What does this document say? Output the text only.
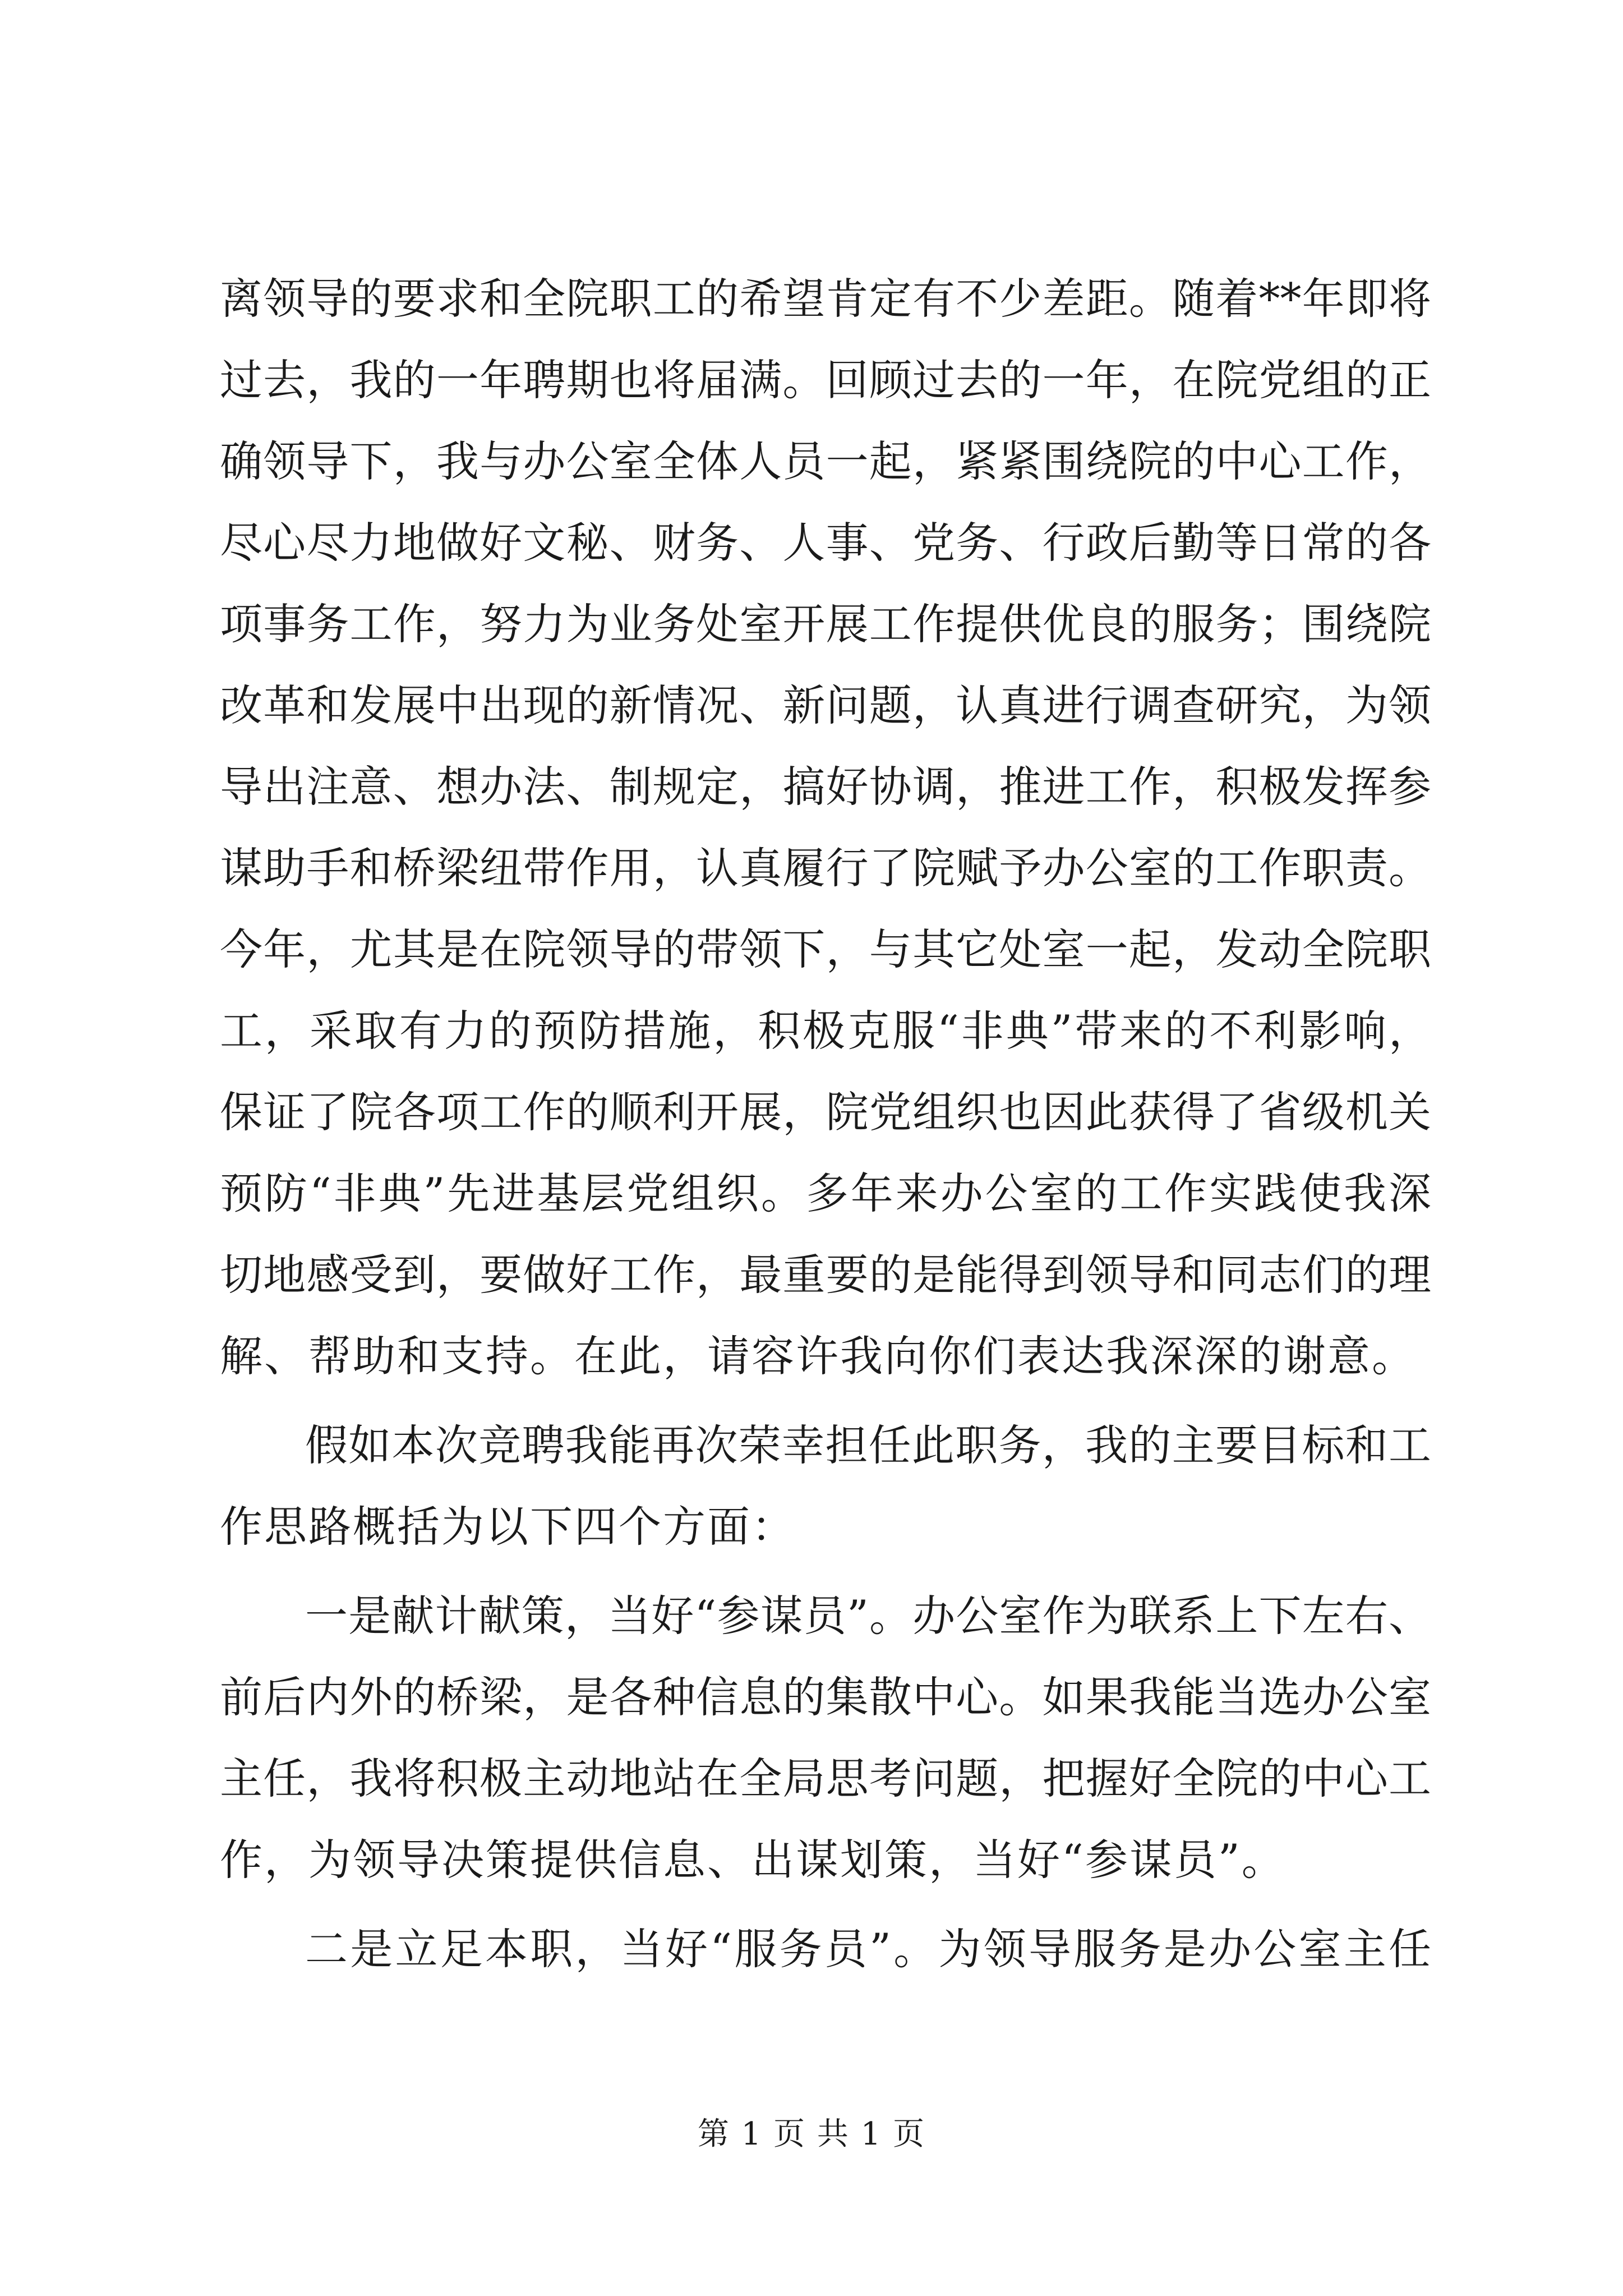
离领导的要求和全院职工的希望肯定有不少差距。随着**年即将
过去，我的一年聘期也将届满。回顾过去的一年，在院党组的正
确领导下，我与办公室全体人员一起，紧紧围绕院的中心工作，
尽心尽力地做好文秘、财务、人事、党务、行政后勤等日常的各
项事务工作，努力为业务处室开展工作提供优良的服务；围绕院
改革和发展中出现的新情况、新问题，认真进行调查研究，为领
导出注意、想办法、制规定，搞好协调，推进工作，积极发挥参
谋助手和桥梁纽带作用，认真履行了院赋予办公室的工作职责。
今年，尤其是在院领导的带领下，与其它处室一起，发动全院职
工，采取有力的预防措施，积极克服“非典”带来的不利影响，
保证了院各项工作的顺利开展，院党组织也因此获得了省级机关
预防“非典”先进基层党组织。多年来办公室的工作实践使我深
切地感受到，要做好工作，最重要的是能得到领导和同志们的理
解、帮助和支持。在此，请容许我向你们表达我深深的谢意。
假如本次竞聘我能再次荣幸担任此职务，我的主要目标和工
作思路概括为以下四个方面：
一是献计献策，当好“参谋员”。办公室作为联系上下左右、
前后内外的桥梁，是各种信息的集散中心。如果我能当选办公室
主任，我将积极主动地站在全局思考问题，把握好全院的中心工
作，为领导决策提供信息、出谋划策，当好“参谋员”。
二是立足本职，当好“服务员”。为领导服务是办公室主任
第 1 页 共 1 页
